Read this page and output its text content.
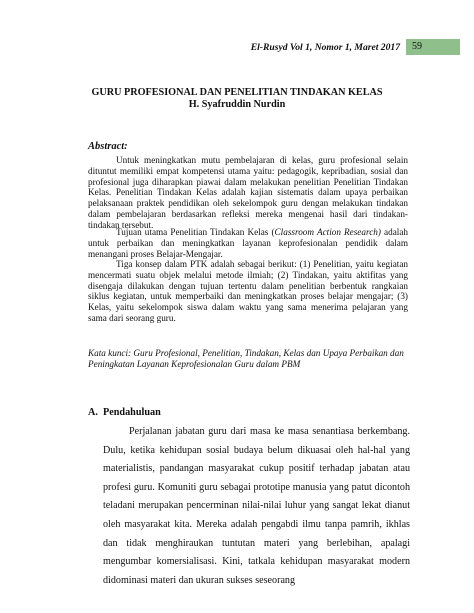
El-Rusyd Vol 1, Nomor 1, Maret 2017	59
GURU PROFESIONAL DAN PENELITIAN TINDAKAN KELAS
H. Syafruddin Nurdin
Abstract:

Untuk meningkatkan mutu pembelajaran di kelas, guru profesional selain dituntut memiliki empat kompetensi utama yaitu: pedagogik, kepribadian, sosial dan profesional juga diharapkan piawai dalam melakukan penelitian Penelitian Tindakan Kelas. Penelitian Tindakan Kelas adalah kajian sistematis dalam upaya perbaikan pelaksanaan praktek pendidikan oleh sekelompok guru dengan melakukan tindakan dalam pembelajaran berdasarkan refleksi mereka mengenai hasil dari tindakan-tindakan tersebut.

Tujuan utama Penelitian Tindakan Kelas (Classroom Action Research) adalah untuk perbaikan dan meningkatkan layanan keprofesionalan pendidik dalam menangani proses Belajar-Mengajar.

Tiga konsep dalam PTK adalah sebagai berikut: (1) Penelitian, yaitu kegiatan mencermati suatu objek melalui metode ilmiah; (2) Tindakan, yaitu aktifitas yang disengaja dilakukan dengan tujuan tertentu dalam penelitian berbentuk rangkaian siklus kegiatan, untuk memperbaiki dan meningkatkan proses belajar mengajar; (3) Kelas, yaitu sekelompok siswa dalam waktu yang sama menerima pelajaran yang sama dari seorang guru.

Kata kunci: Guru Profesional, Penelitian, Tindakan, Kelas dan Upaya Perbaikan dan Peningkatan Layanan Keprofesionalan Guru dalam PBM
A. Pendahuluan

Perjalanan jabatan guru dari masa ke masa senantiasa berkembang. Dulu, ketika kehidupan sosial budaya belum dikuasai oleh hal-hal yang materialistis, pandangan masyarakat cukup positif terhadap jabatan atau profesi guru. Komuniti guru sebagai prototipe manusia yang patut dicontoh teladani merupakan pencerminan nilai-nilai luhur yang sangat lekat dianut oleh masyarakat kita. Mereka adalah pengabdi ilmu tanpa pamrih, ikhlas dan tidak menghiraukan tuntutan materi yang berlebihan, apalagi mengumbar komersialisasi. Kini, tatkala kehidupan masyarakat modern didominasi materi dan ukuran sukses seseorang
